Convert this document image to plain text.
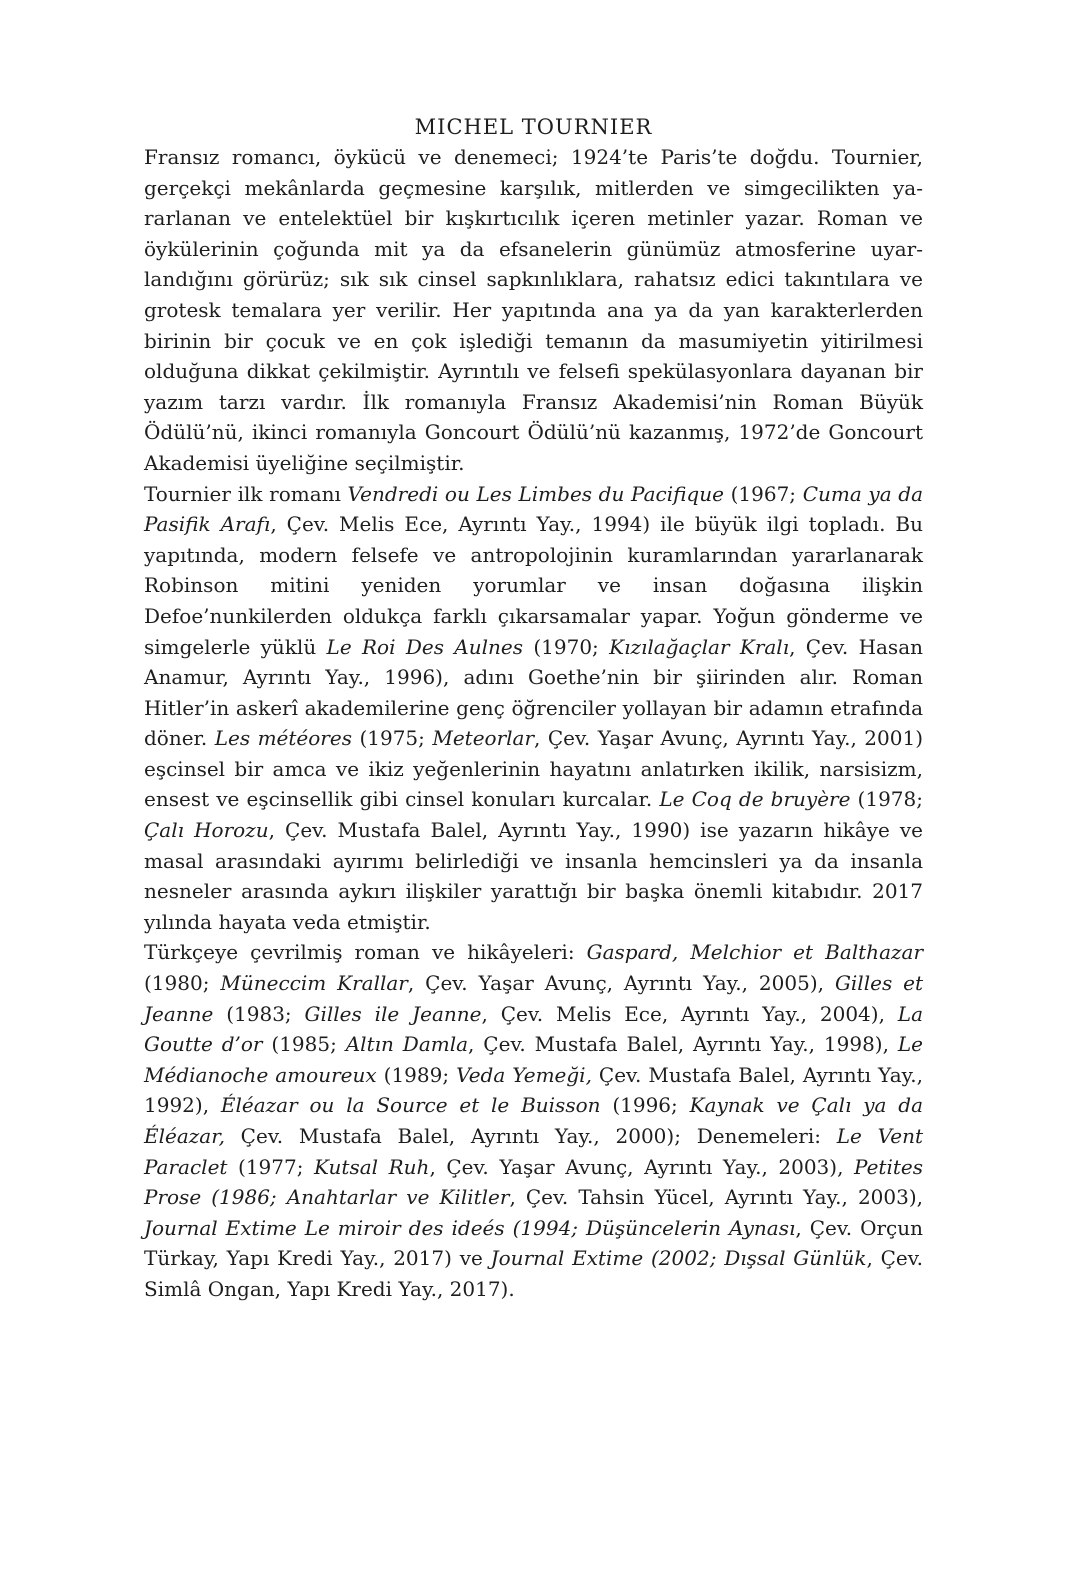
MICHEL TOURNIER

Fransız romancı, öykücü ve denemeci; 1924’te Paris’te doğdu. Tournier, gerçekçi mekânlarda geçmesine karşılık, mitlerden ve simgecilikten yararlanan ve entelektüel bir kışkırtıcılık içeren metinler yazar. Roman ve öykülerinin çoğunda mit ya da efsanelerin günümüz atmosferine uyarlandığını görürüz; sık sık cinsel sapkınlıklara, rahatsız edici takıntılara ve grotesk temalara yer verilir. Her yapıtında ana ya da yan karakterlerden birinin bir çocuk ve en çok işlediği temanın da masumiyetin yitirilmesi olduğuna dikkat çekilmiştir. Ayrıntılı ve felsefi spekülasyonlara dayanan bir yazım tarzı vardır. İlk romanıyla Fransız Akademisi’nin Roman Büyük Ödülü’nü, ikinci romanıyla Goncourt Ödülü’nü kazanmış, 1972’de Goncourt Akademisi üyeliğine seçilmiştir.

Tournier ilk romanı Vendredi ou Les Limbes du Pacifique (1967; Cuma ya da Pasifik Arafı, Çev. Melis Ece, Ayrıntı Yay., 1994) ile büyük ilgi topladı. Bu yapıtında, modern felsefe ve antropolojinin kuramlarından yararlanarak Robinson mitini yeniden yorumlar ve insan doğasına ilişkin Defoe’nunkilerden oldukça farklı çıkarsamalar yapar. Yoğun gönderme ve simgelerle yüklü Le Roi Des Aulnes (1970; Kızılağaçlar Kralı, Çev. Hasan Anamur, Ayrıntı Yay., 1996), adını Goethe’nin bir şiirinden alır. Roman Hitler’in askerî akademilerine genç öğrenciler yollayan bir adamın etrafında döner. Les météores (1975; Meteorlar, Çev. Yaşar Avunç, Ayrıntı Yay., 2001) eşcinsel bir amca ve ikiz yeğenlerinin hayatını anlatırken ikilik, narsisizm, ensest ve eşcinsellik gibi cinsel konuları kurcalar. Le Coq de bruyère (1978; Çalı Horozu, Çev. Mustafa Balel, Ayrıntı Yay., 1990) ise yazarın hikâye ve masal arasındaki ayırımı belirlediği ve insanla hemcinsleri ya da insanla nesneler arasında aykırı ilişkiler yarattığı bir başka önemli kitabıdır. 2017 yılında hayata veda etmiştir.

Türkçeye çevrilmiş roman ve hikâyeleri: Gaspard, Melchior et Balthazar (1980; Müneccim Krallar, Çev. Yaşar Avunç, Ayrıntı Yay., 2005), Gilles et Jeanne (1983; Gilles ile Jeanne, Çev. Melis Ece, Ayrıntı Yay., 2004), La Goutte d’or (1985; Altın Damla, Çev. Mustafa Balel, Ayrıntı Yay., 1998), Le Médianoche amoureux (1989; Veda Yemeği, Çev. Mustafa Balel, Ayrıntı Yay., 1992), Éléazar ou la Source et le Buisson (1996; Kaynak ve Çalı ya da Éléazar, Çev. Mustafa Balel, Ayrıntı Yay., 2000); Denemeleri: Le Vent Paraclet (1977; Kutsal Ruh, Çev. Yaşar Avunç, Ayrıntı Yay., 2003), Petites Prose (1986; Anahtarlar ve Kilitler, Çev. Tahsin Yücel, Ayrıntı Yay., 2003), Journal Extime Le miroir des ideés (1994; Düşüncelerin Aynası, Çev. Orçun Türkay, Yapı Kredi Yay., 2017) ve Journal Extime (2002; Dışsal Günlük, Çev. Simlâ Ongan, Yapı Kredi Yay., 2017).
